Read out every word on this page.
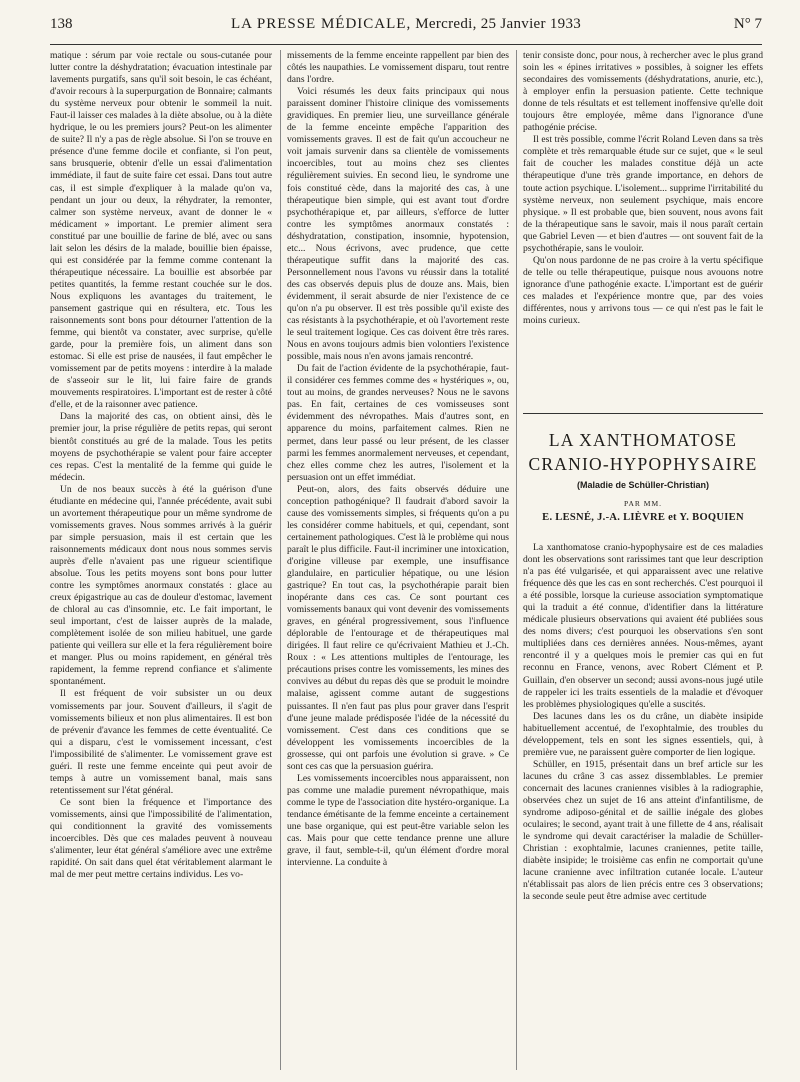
138	LA PRESSE MÉDICALE, Mercredi, 25 Janvier 1933	N° 7

matique : sérum par voie rectale ou sous-cutanée pour lutter contre la déshydratation; évacuation intestinale par lavements purgatifs, sans qu'il soit besoin, le cas échéant, d'avoir recours à la superpurgation de Bonnaire; calmants du système nerveux pour obtenir le sommeil la nuit. Faut-il laisser ces malades à la diète absolue, ou à la diète hydrique, le ou les premiers jours? Peut-on les alimenter de suite? Il n'y a pas de règle absolue. Si l'on se trouve en présence d'une femme docile et confiante, si l'on peut, sans brusquerie, obtenir d'elle un essai d'alimentation immédiate, il faut de suite faire cet essai. Dans tout autre cas, il est simple d'expliquer à la malade qu'on va, pendant un jour ou deux, la réhydrater, la remonter, calmer son système nerveux, avant de donner le « médicament » important. Le premier aliment sera constitué par une bouillie de farine de blé, avec ou sans lait selon les désirs de la malade, bouillie bien épaisse, qui est considérée par la femme comme contenant la thérapeutique nécessaire. La bouillie est absorbée par petites quantités, la femme restant couchée sur le dos. Nous expliquons les avantages du traitement, le pansement gastrique qui en résultera, etc. Tous les raisonnements sont bons pour détourner l'attention de la femme, qui bientôt va constater, avec surprise, qu'elle garde, pour la première fois, un aliment dans son estomac. Si elle est prise de nausées, il faut empêcher le vomissement par de petits moyens : interdire à la malade de s'asseoir sur le lit, lui faire faire de grands mouvements respiratoires. L'important est de rester à côté d'elle, et de la raisonner avec patience.

Dans la majorité des cas, on obtient ainsi, dès le premier jour, la prise régulière de petits repas, qui seront bientôt constitués au gré de la malade. Tous les petits moyens de psychothérapie se valent pour faire accepter ces repas. C'est la mentalité de la femme qui guide le médecin.

Un de nos beaux succès à été la guérison d'une étudiante en médecine qui, l'année précédente, avait subi un avortement thérapeutique pour un même syndrome de vomissements graves. Nous sommes arrivés à la guérir par simple persuasion, mais il est certain que les raisonnements médicaux dont nous nous sommes servis auprès d'elle n'avaient pas une rigueur scientifique absolue. Tous les petits moyens sont bons pour lutter contre les symptômes anormaux constatés : glace au creux épigastrique au cas de douleur d'estomac, lavement de chloral au cas d'insomnie, etc. Le fait important, le seul important, c'est de laisser auprès de la malade, complètement isolée de son milieu habituel, une garde patiente qui veillera sur elle et la fera régulièrement boire et manger. Plus ou moins rapidement, en général très rapidement, la femme reprend confiance et s'alimente spontanément.

Il est fréquent de voir subsister un ou deux vomissements par jour. Souvent d'ailleurs, il s'agit de vomissements bilieux et non plus alimentaires. Il est bon de prévenir d'avance les femmes de cette éventualité. Ce qui a disparu, c'est le vomissement incessant, c'est l'impossibilité de s'alimenter. Le vomissement grave est guéri. Il reste une femme enceinte qui peut avoir de temps à autre un vomissement banal, mais sans retentissement sur l'état général.

Ce sont bien la fréquence et l'importance des vomissements, ainsi que l'impossibilité de l'alimentation, qui conditionnent la gravité des vomissements incoercibles. Dès que ces malades peuvent à nouveau s'alimenter, leur état général s'améliore avec une extrême rapidité. On sait dans quel état véritablement alarmant le mal de mer peut mettre certains individus. Les vo-

missements de la femme enceinte rappellent par bien des côtés les naupathies. Le vomissement disparu, tout rentre dans l'ordre.

Voici résumés les deux faits principaux qui nous paraissent dominer l'histoire clinique des vomissements gravidiques. En premier lieu, une surveillance générale de la femme enceinte empêche l'apparition des vomissements graves. Il est de fait qu'un accoucheur ne voit jamais survenir dans sa clientèle de vomissements incoercibles, tout au moins chez ses clientes régulièrement suivies. En second lieu, le syndrome une fois constitué cède, dans la majorité des cas, à une thérapeutique bien simple, qui est avant tout d'ordre psychothérapique et, par ailleurs, s'efforce de lutter contre les symptômes anormaux constatés : déshydratation, constipation, insomnie, hypotension, etc... Nous écrivons, avec prudence, que cette thérapeutique suffit dans la majorité des cas. Personnellement nous l'avons vu réussir dans la totalité des cas observés depuis plus de douze ans. Mais, bien évidemment, il serait absurde de nier l'existence de ce qu'on n'a pu observer. Il est très possible qu'il existe des cas résistants à la psychothérapie, et où l'avortement reste le seul traitement logique. Ces cas doivent être très rares. Nous en avons toujours admis bien volontiers l'existence possible, mais nous n'en avons jamais rencontré.

Du fait de l'action évidente de la psychothérapie, faut-il considérer ces femmes comme des « hystériques », ou, tout au moins, de grandes nerveuses? Nous ne le savons pas. En fait, certaines de ces vomisseuses sont évidemment des névropathes. Mais d'autres sont, en apparence du moins, parfaitement calmes. Rien ne permet, dans leur passé ou leur présent, de les classer parmi les femmes anormalement nerveuses, et cependant, chez elles comme chez les autres, l'isolement et la persuasion ont un effet immédiat.

Peut-on, alors, des faits observés déduire une conception pathogénique? Il faudrait d'abord savoir la cause des vomissements simples, si fréquents qu'on a pu les considérer comme habituels, et qui, cependant, sont certainement pathologiques. C'est là le problème qui nous paraît le plus difficile. Faut-il incriminer une intoxication, d'origine villeuse par exemple, une insuffisance glandulaire, en particulier hépatique, ou une lésion gastrique? En tout cas, la psychothérapie parait bien inopérante dans ces cas. Ce sont pourtant ces vomissements banaux qui vont devenir des vomissements graves, en général progressivement, sous l'influence déplorable de l'entourage et de thérapeutiques mal dirigées. Il faut relire ce qu'écrivaient Mathieu et J.-Ch. Roux : « Les attentions multiples de l'entourage, les précautions prises contre les vomissements, les mines des convives au début du repas dès que se produit le moindre malaise, agissent comme autant de suggestions puissantes. Il n'en faut pas plus pour graver dans l'esprit d'une jeune malade prédisposée l'idée de la nécessité du vomissement. C'est dans ces conditions que se développent les vomissements incoercibles de la grossesse, qui ont parfois une évolution si grave. » Ce sont ces cas que la persuasion guérira.

Les vomissements incoercibles nous apparaissent, non pas comme une maladie purement névropathique, mais comme le type de l'association dite hystéro-organique. La tendance émétisante de la femme enceinte a certainement une base organique, qui est peut-être variable selon les cas. Mais pour que cette tendance prenne une allure grave, il faut, semble-t-il, qu'un élément d'ordre moral intervienne. La conduite à

tenir consiste donc, pour nous, à rechercher avec le plus grand soin les « épines irritatives » possibles, à soigner les effets secondaires des vomissements (déshydratations, anurie, etc.), à employer enfin la persuasion patiente. Cette technique donne de tels résultats et est tellement inoffensive qu'elle doit toujours être employée, même dans l'ignorance d'une pathogénie précise.

Il est très possible, comme l'écrit Roland Leven dans sa très complète et très remarquable étude sur ce sujet, que « le seul fait de coucher les malades constitue déjà un acte thérapeutique d'une très grande importance, en dehors de toute action psychique. L'isolement... supprime l'irritabilité du système nerveux, non seulement psychique, mais encore physique. » Il est probable que, bien souvent, nous avons fait de la thérapeutique sans le savoir, mais il nous paraît certain que Gabriel Leven — et bien d'autres — ont souvent fait de la psychothérapie, sans le vouloir.

Qu'on nous pardonne de ne pas croire à la vertu spécifique de telle ou telle thérapeutique, puisque nous avouons notre ignorance d'une pathogénie exacte. L'important est de guérir ces malades et l'expérience montre que, par des voies différentes, nous y arrivons tous — ce qui n'est pas le fait le moins curieux.

LA XANTHOMATOSE
CRANIO-HYPOPHYSAIRE
(Maladie de Schüller-Christian)
PAR MM.
E. LESNÉ, J.-A. LIÈVRE et Y. BOQUIEN

La xanthomatose cranio-hypophysaire est de ces maladies dont les observations sont rarissimes tant que leur description n'a pas été vulgarisée, et qui apparaissent avec une relative fréquence dès que les cas en sont recherchés. C'est pourquoi il a été possible, lorsque la curieuse association symptomatique qui la traduit a été connue, d'identifier dans la littérature médicale plusieurs observations qui avaient été publiées sous des noms divers; c'est pourquoi les observations s'en sont multipliées dans ces dernières années. Nous-mêmes, ayant rencontré il y a quelques mois le premier cas qui en fut reconnu en France, venons, avec Robert Clément et P. Guillain, d'en observer un second; aussi avons-nous jugé utile de rappeler ici les traits essentiels de la maladie et d'évoquer les problèmes physiologiques qu'elle a suscités.

Des lacunes dans les os du crâne, un diabète insipide habituellement accentué, de l'exophtalmie, des troubles du développement, tels en sont les signes essentiels, qui, à première vue, ne paraissent guère comporter de lien logique.

Schüller, en 1915, présentait dans un bref article sur les lacunes du crâne 3 cas assez dissemblables. Le premier concernait des lacunes craniennes visibles à la radiographie, observées chez un sujet de 16 ans atteint d'infantilisme, de syndrome adiposo-génital et de saillie inégale des globes oculaires; le second, ayant trait à une fillette de 4 ans, réalisait le syndrome qui devait caractériser la maladie de Schüller-Christian : exophtalmie, lacunes craniennes, petite taille, diabète insipide; le troisième cas enfin ne comportait qu'une lacune cranienne avec infiltration cutanée locale. L'auteur n'établissait pas alors de lien précis entre ces 3 observations; la seconde seule peut être admise avec certitude
